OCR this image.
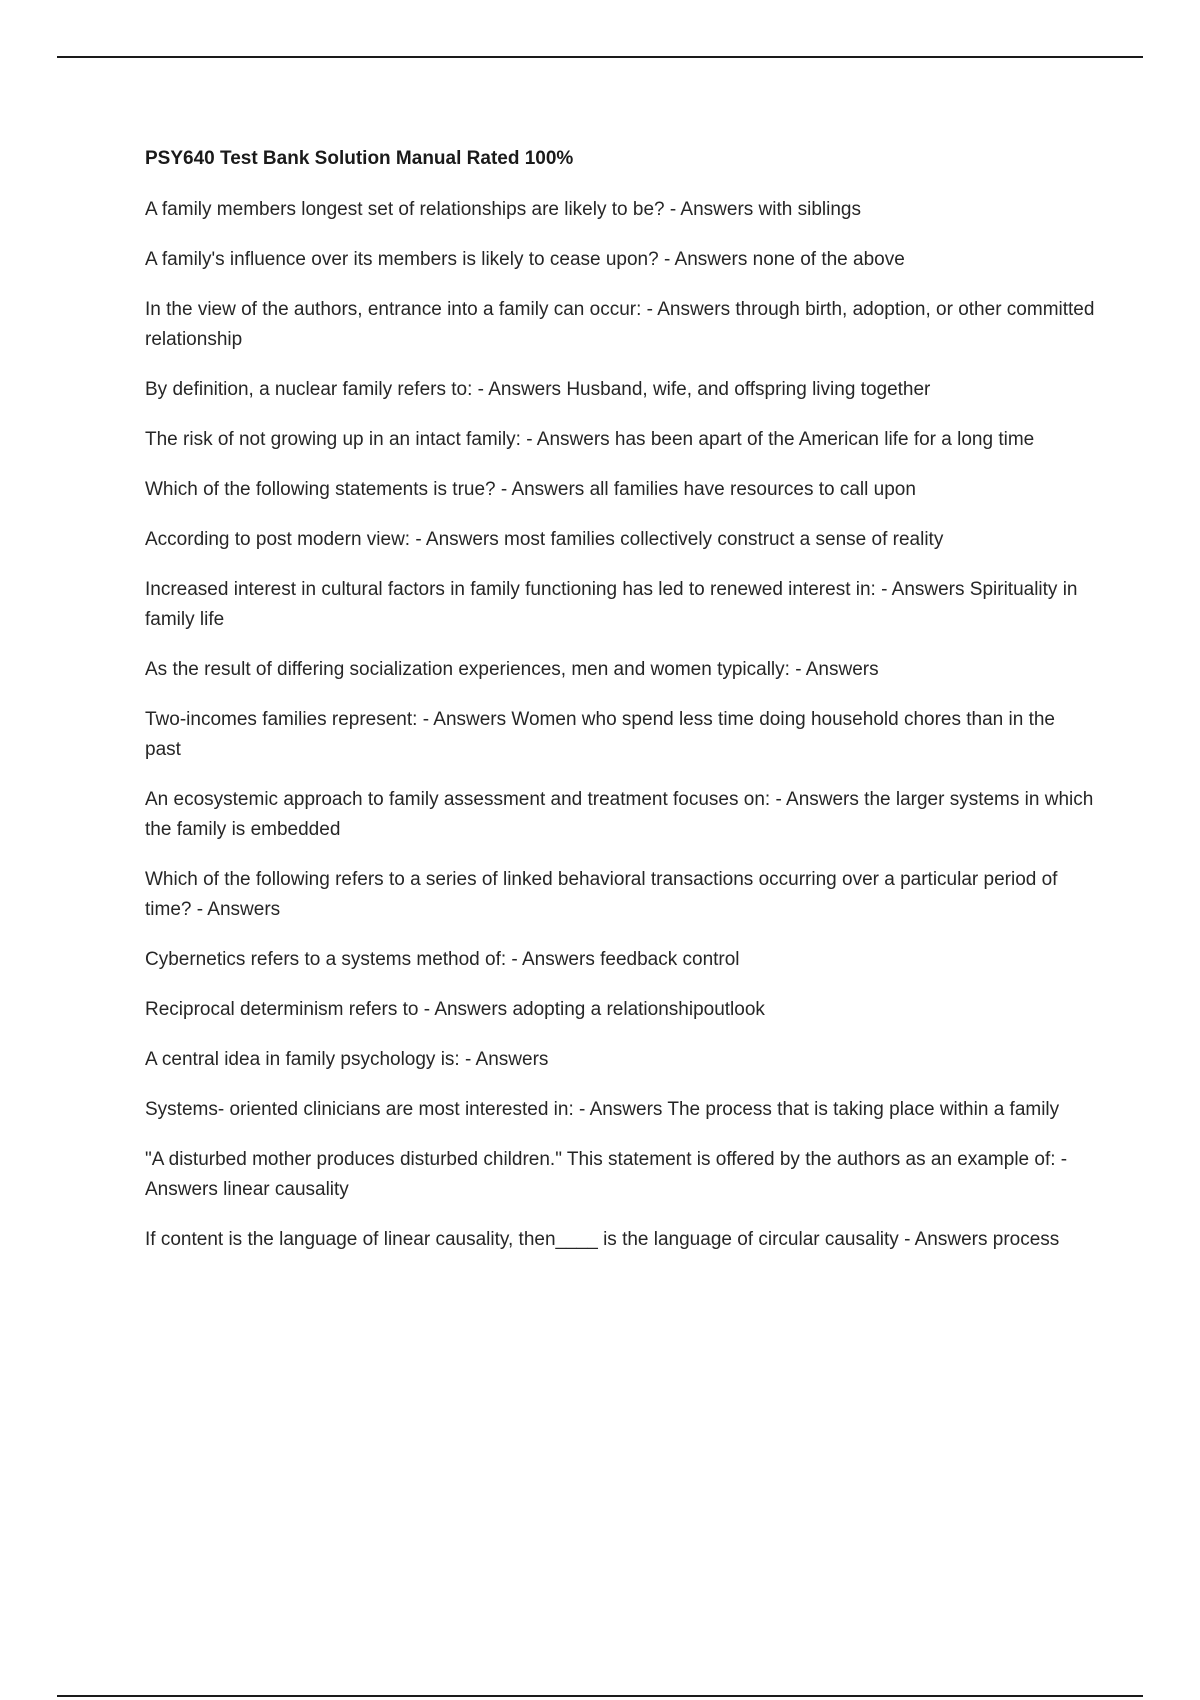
PSY640 Test Bank Solution Manual Rated 100%

A family members longest set of relationships are likely to be? - Answers with siblings

A family's influence over its members is likely to cease upon? - Answers none of the above

In the view of the authors, entrance into a family can occur: - Answers through birth, adoption, or other committed relationship

By definition, a nuclear family refers to: - Answers Husband, wife, and offspring living together

The risk of not growing up in an intact family: - Answers has been apart of the American life for a long time

Which of the following statements is true? - Answers all families have resources to call upon

According to post modern view: - Answers most families collectively construct a sense of reality

Increased interest in cultural factors in family functioning has led to renewed interest in: - Answers Spirituality in family life

As the result of differing socialization experiences, men and women typically: - Answers

Two-incomes families represent: - Answers Women who spend less time doing household chores than in the past

An ecosystemic approach to family assessment and treatment focuses on: - Answers the larger systems in which the family is embedded

Which of the following refers to a series of linked behavioral transactions occurring over a particular period of time? - Answers

Cybernetics refers to a systems method of: - Answers feedback control

Reciprocal determinism refers to - Answers adopting a relationshipoutlook

A central idea in family psychology is: - Answers

Systems- oriented clinicians are most interested in: - Answers The process that is taking place within a family

"A disturbed mother produces disturbed children." This statement is offered by the authors as an example of: - Answers linear causality

If content is the language of linear causality, then____ is the language of circular causality - Answers process
